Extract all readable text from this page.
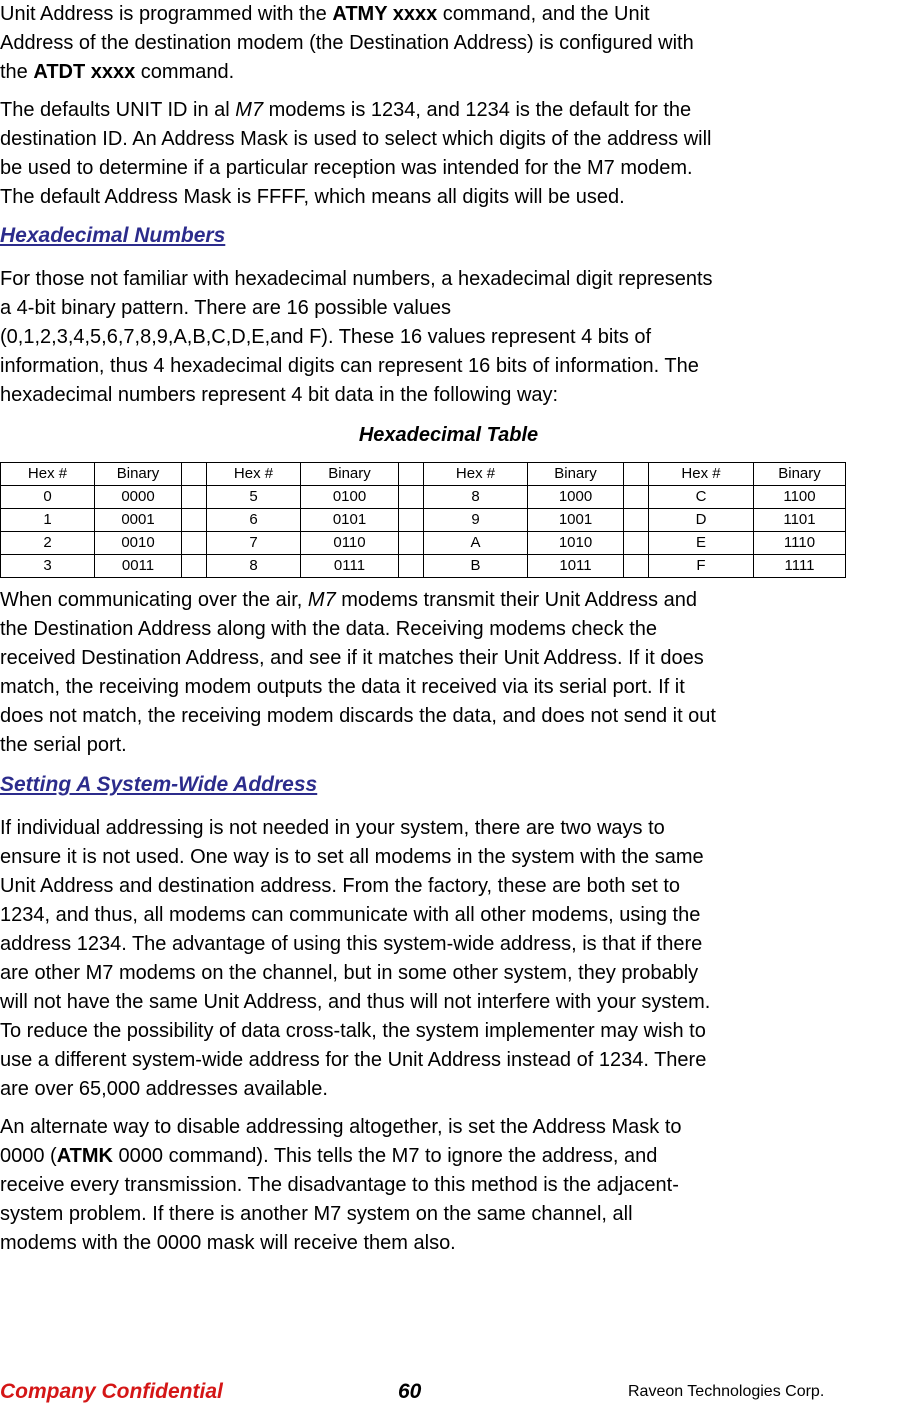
Unit Address is programmed with the ATMY xxxx command, and the Unit
Address of the destination modem (the Destination Address) is configured with
the ATDT xxxx command.
The defaults UNIT ID in al M7 modems is 1234, and 1234 is the default for the
destination ID. An Address Mask is used to select which digits of the address will
be used to determine if a particular reception was intended for the M7 modem.
The default Address Mask is FFFF, which means all digits will be used.
Hexadecimal Numbers
For those not familiar with hexadecimal numbers, a hexadecimal digit represents
a 4-bit binary pattern. There are 16 possible values
(0,1,2,3,4,5,6,7,8,9,A,B,C,D,E,and F). These 16 values represent 4 bits of
information, thus 4 hexadecimal digits can represent 16 bits of information. The
hexadecimal numbers represent 4 bit data in the following way:
Hexadecimal Table
Hex #	Binary		Hex #	Binary		Hex #	Binary		Hex #	Binary
0	0000		5	0100		8	1000		C	1100
1	0001		6	0101		9	1001		D	1101
2	0010		7	0110		A	1010		E	1110
3	0011		8	0111		B	1011		F	1111
When communicating over the air, M7 modems transmit their Unit Address and
the Destination Address along with the data. Receiving modems check the
received Destination Address, and see if it matches their Unit Address. If it does
match, the receiving modem outputs the data it received via its serial port. If it
does not match, the receiving modem discards the data, and does not send it out
the serial port.
Setting A System-Wide Address
If individual addressing is not needed in your system, there are two ways to
ensure it is not used. One way is to set all modems in the system with the same
Unit Address and destination address. From the factory, these are both set to
1234, and thus, all modems can communicate with all other modems, using the
address 1234. The advantage of using this system-wide address, is that if there
are other M7 modems on the channel, but in some other system, they probably
will not have the same Unit Address, and thus will not interfere with your system.
To reduce the possibility of data cross-talk, the system implementer may wish to
use a different system-wide address for the Unit Address instead of 1234. There
are over 65,000 addresses available.
An alternate way to disable addressing altogether, is set the Address Mask to
0000 (ATMK 0000 command). This tells the M7 to ignore the address, and
receive every transmission. The disadvantage to this method is the adjacent-
system problem. If there is another M7 system on the same channel, all
modems with the 0000 mask will receive them also.
Company Confidential	60	Raveon Technologies Corp.
